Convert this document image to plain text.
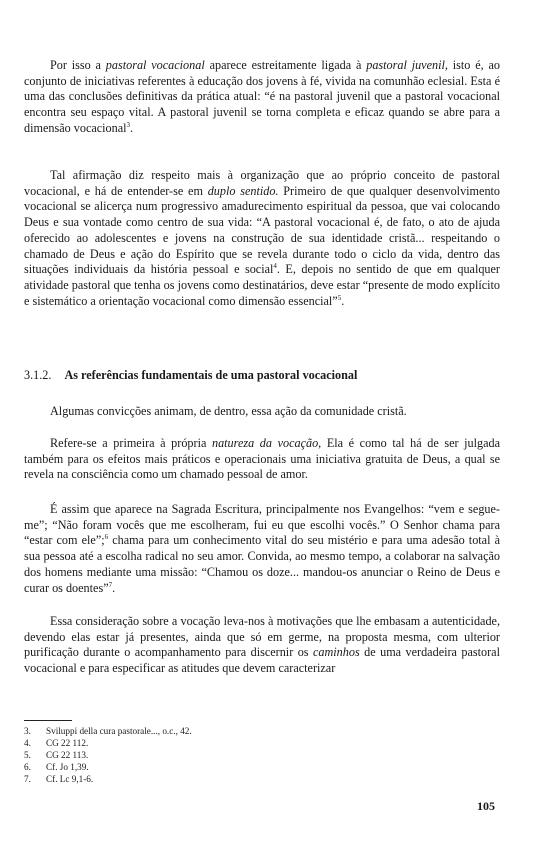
Por isso a pastoral vocacional aparece estreitamente ligada à pastoral juvenil, isto é, ao conjunto de iniciativas referentes à educação dos jovens à fé, vivida na comunhão eclesial. Esta é uma das conclusões definitivas da prática atual: “é na pastoral juvenil que a pastoral vocacional encontra seu espaço vital. A pastoral juvenil se torna completa e eficaz quando se abre para a dimensão vocacional$^3$.

Tal afirmação diz respeito mais à organização que ao próprio conceito de pastoral vocacional, e há de entender-se em duplo sentido. Primeiro de que qualquer desenvolvimento vocacional se alicerça num progressivo amadurecimento espiritual da pessoa, que vai colocando Deus e sua vontade como centro de sua vida: “A pastoral vocacional é, de fato, o ato de ajuda oferecido ao adolescentes e jovens na construção de sua identidade cristã... respeitando o chamado de Deus e ação do Espírito que se revela durante todo o ciclo da vida, dentro das situações individuais da história pessoal e social$^4$. E, depois no sentido de que em qualquer atividade pastoral que tenha os jovens como destinatários, deve estar “presente de modo explícito e sistemático a orientação vocacional como dimensão essencial”$^5$.

3.1.2. As referências fundamentais de uma pastoral vocacional

Algumas convicções animam, de dentro, essa ação da comunidade cristã.

Refere-se a primeira à própria natureza da vocação, Ela é como tal há de ser julgada também para os efeitos mais práticos e operacionais uma iniciativa gratuita de Deus, a qual se revela na consciência como um chamado pessoal de amor.

É assim que aparece na Sagrada Escritura, principalmente nos Evangelhos: “vem e segue-me”; “Não foram vocês que me escolheram, fui eu que escolhi vocês.” O Senhor chama para “estar com ele”;$^6$ chama para um conhecimento vital do seu mistério e para uma adesão total à sua pessoa até a escolha radical no seu amor. Convida, ao mesmo tempo, a colaborar na salvação dos homens mediante uma missão: “Chamou os doze... mandou-os anunciar o Reino de Deus e curar os doentes”$^7$.

Essa consideração sobre a vocação leva-nos à motivações que lhe embasam a autenticidade, devendo elas estar já presentes, ainda que só em germe, na proposta mesma, com ulterior purificação durante o acompanhamento para discernir os caminhos de uma verdadeira pastoral vocacional e para especificar as atitudes que devem caracterizar

3.	Sviluppi della cura pastorale..., o.c., 42.
4.	CG 22 112.
5.	CG 22 113.
6.	Cf. Jo 1,39.
7.	Cf. Lc 9,1-6.
105
